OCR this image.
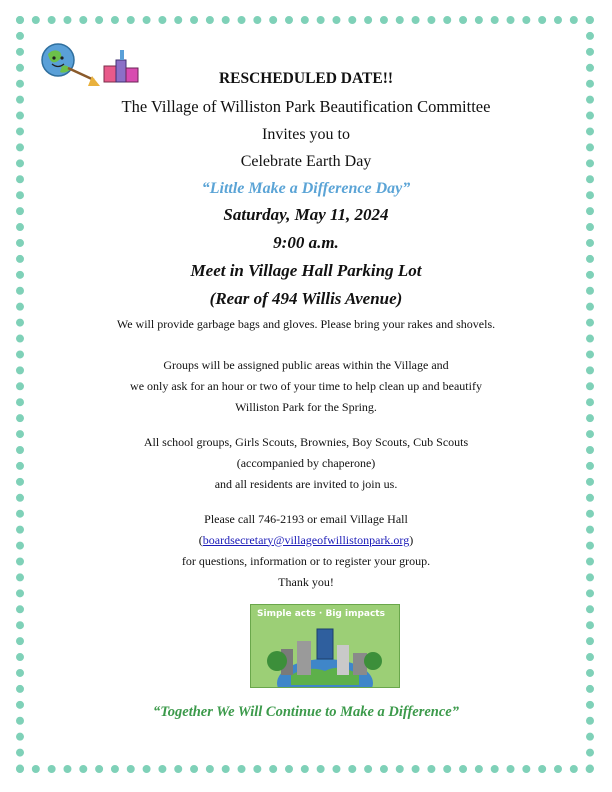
RESCHEDULED DATE!!
The Village of Williston Park Beautification Committee
Invites you to
Celebrate Earth Day
“Little Make a Difference Day”
Saturday, May 11, 2024
9:00 a.m.
Meet in Village Hall Parking Lot
(Rear of 494 Willis Avenue)
We will provide garbage bags and gloves. Please bring your rakes and shovels.

Groups will be assigned public areas within the Village and
we only ask for an hour or two of your time to help clean up and beautify
Williston Park for the Spring.

All school groups, Girls Scouts, Brownies, Boy Scouts, Cub Scouts
(accompanied by chaperone)
and all residents are invited to join us.

Please call 746-2193 or email Village Hall
(boardsecretary@villageofwillistonpark.org)
for questions, information or to register your group.
Thank you!

Simple acts · Big impacts
“Together We Will Continue to Make a Difference”
